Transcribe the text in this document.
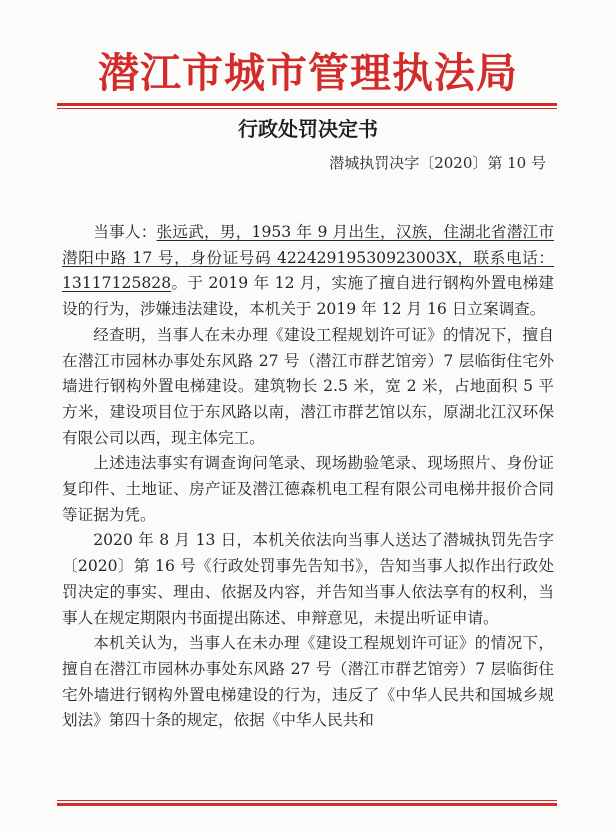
潜江市城市管理执法局
行政处罚决定书
潜城执罚决字〔2020〕第 10 号

当事人：张远武，男，1953 年 9 月出生，汉族，住湖北省潜江市潜阳中路 17 号，身份证号码 42242919530923003X，联系电话：13117125828。于 2019 年 12 月，实施了擅自进行钢构外置电梯建设的行为，涉嫌违法建设，本机关于 2019 年 12 月 16 日立案调查。

经查明，当事人在未办理《建设工程规划许可证》的情况下，擅自在潜江市园林办事处东风路 27 号（潜江市群艺馆旁）7 层临街住宅外墙进行钢构外置电梯建设。建筑物长 2.5 米，宽 2 米，占地面积 5 平方米，建设项目位于东风路以南，潜江市群艺馆以东，原湖北江汉环保有限公司以西，现主体完工。

上述违法事实有调查询问笔录、现场勘验笔录、现场照片、身份证复印件、土地证、房产证及潜江德森机电工程有限公司电梯井报价合同等证据为凭。

2020 年 8 月 13 日，本机关依法向当事人送达了潜城执罚先告字〔2020〕第 16 号《行政处罚事先告知书》，告知当事人拟作出行政处罚决定的事实、理由、依据及内容，并告知当事人依法享有的权利，当事人在规定期限内书面提出陈述、申辩意见，未提出听证申请。

本机关认为，当事人在未办理《建设工程规划许可证》的情况下，擅自在潜江市园林办事处东风路 27 号（潜江市群艺馆旁）7 层临街住宅外墙进行钢构外置电梯建设的行为，违反了《中华人民共和国城乡规划法》第四十条的规定，依据《中华人民共和
